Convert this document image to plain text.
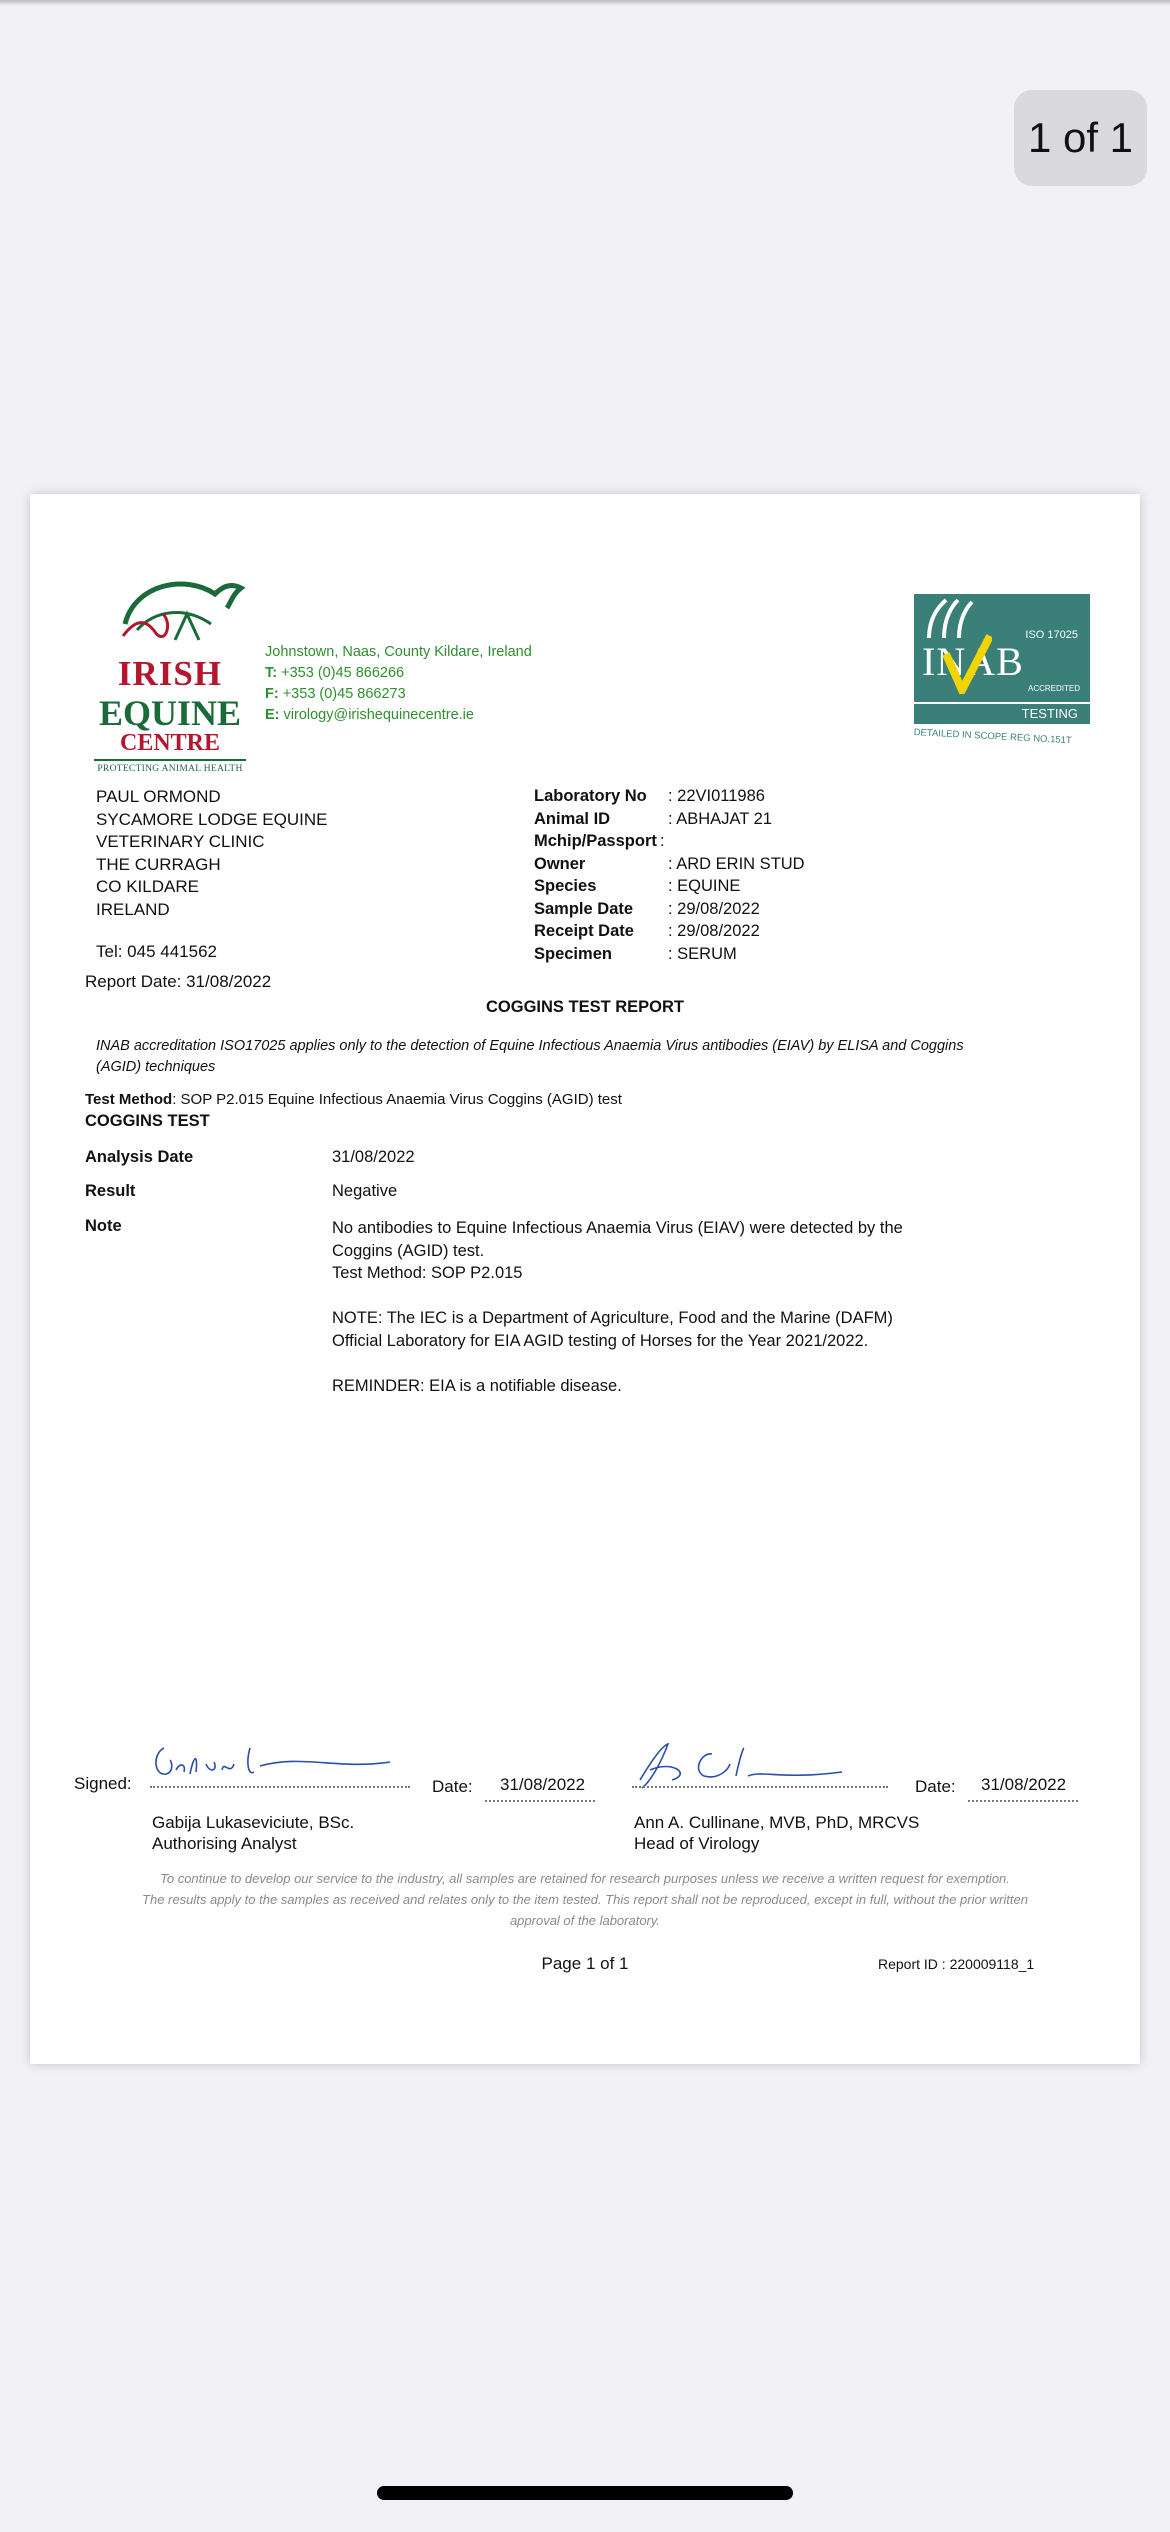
1 of 1
IRISH
EQUINE
CENTRE
PROTECTING ANIMAL HEALTH
Johnstown, Naas, County Kildare, Ireland
T: +353 (0)45 866266
F: +353 (0)45 866273
E: virology@irishequinecentre.ie
ISO 17025
INAB
ACCREDITED
TESTING
DETAILED IN SCOPE REG NO.151T
PAUL ORMOND
SYCAMORE LODGE EQUINE
VETERINARY CLINIC
THE CURRAGH
CO KILDARE
IRELAND
Tel: 045 441562
Laboratory No : 22VI011986
Animal ID	: ABHAJAT 21
Mchip/Passport :
Owner	: ARD ERIN STUD
Species	: EQUINE
Sample Date : 29/08/2022
Receipt Date : 29/08/2022
Specimen	: SERUM
Report Date: 31/08/2022
COGGINS TEST REPORT
INAB accreditation ISO17025 applies only to the detection of Equine Infectious Anaemia Virus antibodies (EIAV) by ELISA and Coggins (AGID) techniques
Test Method: SOP P2.015 Equine Infectious Anaemia Virus Coggins (AGID) test
COGGINS TEST
Analysis Date	31/08/2022
Result	Negative
Note	No antibodies to Equine Infectious Anaemia Virus (EIAV) were detected by the Coggins (AGID) test.

Test Method: SOP P2.015

NOTE: The IEC is a Department of Agriculture, Food and the Marine (DAFM) Official Laboratory for EIA AGID testing of Horses for the Year 2021/2022.

REMINDER: EIA is a notifiable disease.

Signed:	Date: 31/08/2022
Gabija Lukaseviciute, BSc.
Authorising Analyst
Date: 31/08/2022
Ann A. Cullinane, MVB, PhD, MRCVS
Head of Virology
To continue to develop our service to the industry, all samples are retained for research purposes unless we receive a written request for exemption.
The results apply to the samples as received and relates only to the item tested. This report shall not be reproduced, except in full, without the prior written approval of the laboratory.
Page 1 of 1	Report ID : 220009118_1
